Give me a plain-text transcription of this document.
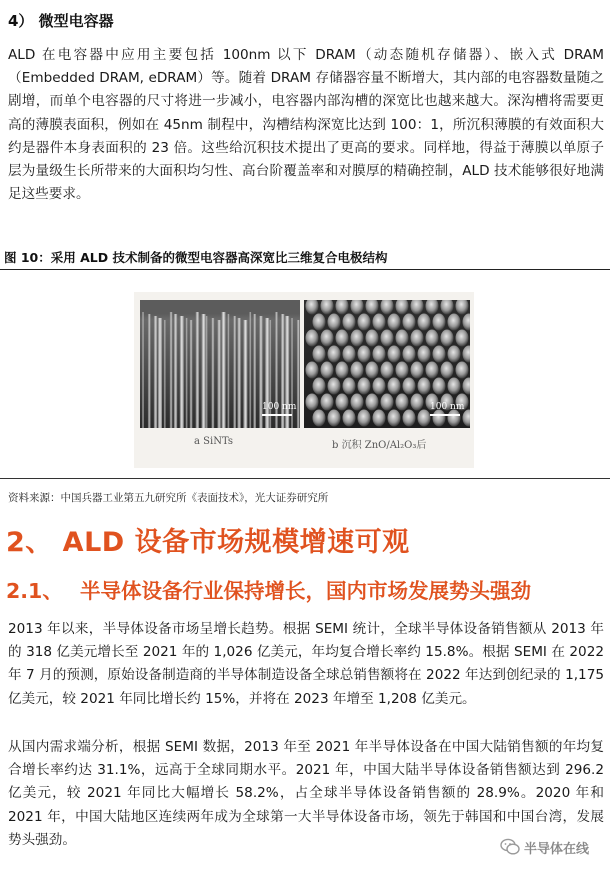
4） 微型电容器
ALD 在电容器中应用主要包括 100nm 以下 DRAM（动态随机存储器）、嵌入式 DRAM（Embedded DRAM, eDRAM）等。随着 DRAM 存储器容量不断增大，其内部的电容器数量随之剧增，而单个电容器的尺寸将进一步减小，电容器内部沟槽的深宽比也越来越大。深沟槽将需要更高的薄膜表面积，例如在 45nm 制程中，沟槽结构深宽比达到 100：1，所沉积薄膜的有效面积大约是器件本身表面积的 23 倍。这些给沉积技术提出了更高的要求。同样地，得益于薄膜以单原子层为量级生长所带来的大面积均匀性、高台阶覆盖率和对膜厚的精确控制，ALD 技术能够很好地满足这些要求。
图 10：采用 ALD 技术制备的微型电容器高深宽比三维复合电极结构
100 nm	100 nm
a SiNTs	b 沉积 ZnO/Al₂O₃后
资料来源：中国兵器工业第五九研究所《表面技术》，光大证券研究所
2、 ALD 设备市场规模增速可观
2.1、 半导体设备行业保持增长，国内市场发展势头强劲
2013 年以来，半导体设备市场呈增长趋势。根据 SEMI 统计，全球半导体设备销售额从 2013 年的 318 亿美元增长至 2021 年的 1,026 亿美元，年均复合增长率约 15.8%。根据 SEMI 在 2022 年 7 月的预测，原始设备制造商的半导体制造设备全球总销售额将在 2022 年达到创纪录的 1,175 亿美元，较 2021 年同比增长约 15%，并将在 2023 年增至 1,208 亿美元。
从国内需求端分析，根据 SEMI 数据，2013 年至 2021 年半导体设备在中国大陆销售额的年均复合增长率约达 31.1%，远高于全球同期水平。2021 年，中国大陆半导体设备销售额达到 296.2 亿美元，较 2021 年同比大幅增长 58.2%，占全球半导体设备销售额的 28.9%。2020 年和 2021 年，中国大陆地区连续两年成为全球第一大半导体设备市场，领先于韩国和中国台湾，发展势头强劲。
半导体在线
